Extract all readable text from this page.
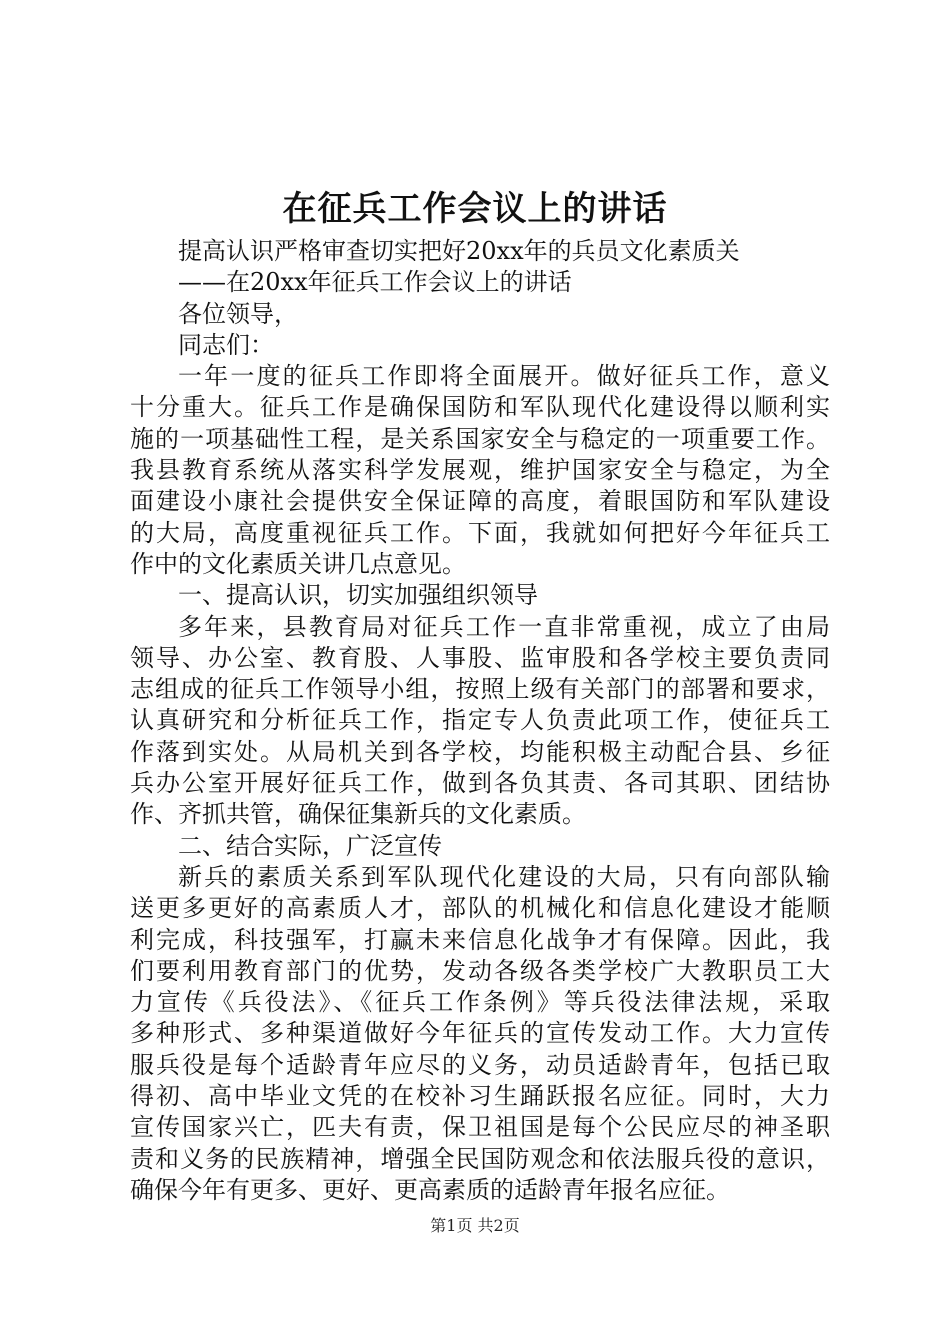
在征兵工作会议上的讲话
提高认识严格审查切实把好20xx年的兵员文化素质关
——在20xx年征兵工作会议上的讲话
各位领导，
同志们：
一年一度的征兵工作即将全面展开。做好征兵工作，意义
十分重大。征兵工作是确保国防和军队现代化建设得以顺利实
施的一项基础性工程，是关系国家安全与稳定的一项重要工作。
我县教育系统从落实科学发展观，维护国家安全与稳定，为全
面建设小康社会提供安全保证障的高度，着眼国防和军队建设
的大局，高度重视征兵工作。下面，我就如何把好今年征兵工
作中的文化素质关讲几点意见。
一、提高认识，切实加强组织领导
多年来，县教育局对征兵工作一直非常重视，成立了由局
领导、办公室、教育股、人事股、监审股和各学校主要负责同
志组成的征兵工作领导小组，按照上级有关部门的部署和要求，
认真研究和分析征兵工作，指定专人负责此项工作，使征兵工
作落到实处。从局机关到各学校，均能积极主动配合县、乡征
兵办公室开展好征兵工作，做到各负其责、各司其职、团结协
作、齐抓共管，确保征集新兵的文化素质。
二、结合实际，广泛宣传
新兵的素质关系到军队现代化建设的大局，只有向部队输
送更多更好的高素质人才，部队的机械化和信息化建设才能顺
利完成，科技强军，打赢未来信息化战争才有保障。因此，我
们要利用教育部门的优势，发动各级各类学校广大教职员工大
力宣传《兵役法》、《征兵工作条例》等兵役法律法规，采取
多种形式、多种渠道做好今年征兵的宣传发动工作。大力宣传
服兵役是每个适龄青年应尽的义务，动员适龄青年，包括已取
得初、高中毕业文凭的在校补习生踊跃报名应征。同时，大力
宣传国家兴亡，匹夫有责，保卫祖国是每个公民应尽的神圣职
责和义务的民族精神，增强全民国防观念和依法服兵役的意识，
确保今年有更多、更好、更高素质的适龄青年报名应征。
第1页 共2页
